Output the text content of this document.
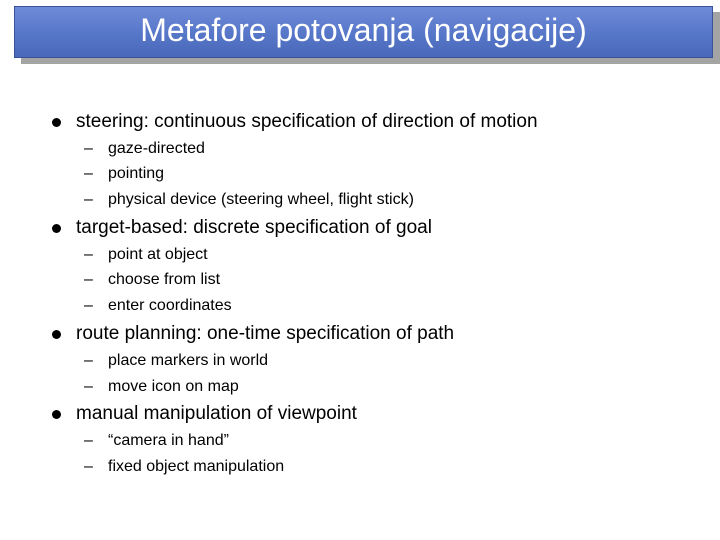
Metafore potovanja (navigacije)
steering: continuous specification of direction of motion
– gaze-directed
– pointing
– physical device (steering wheel, flight stick)
target-based: discrete specification of goal
– point at object
– choose from list
– enter coordinates
route planning: one-time specification of path
– place markers in world
– move icon on map
manual manipulation of viewpoint
– “camera in hand”
– fixed object manipulation
